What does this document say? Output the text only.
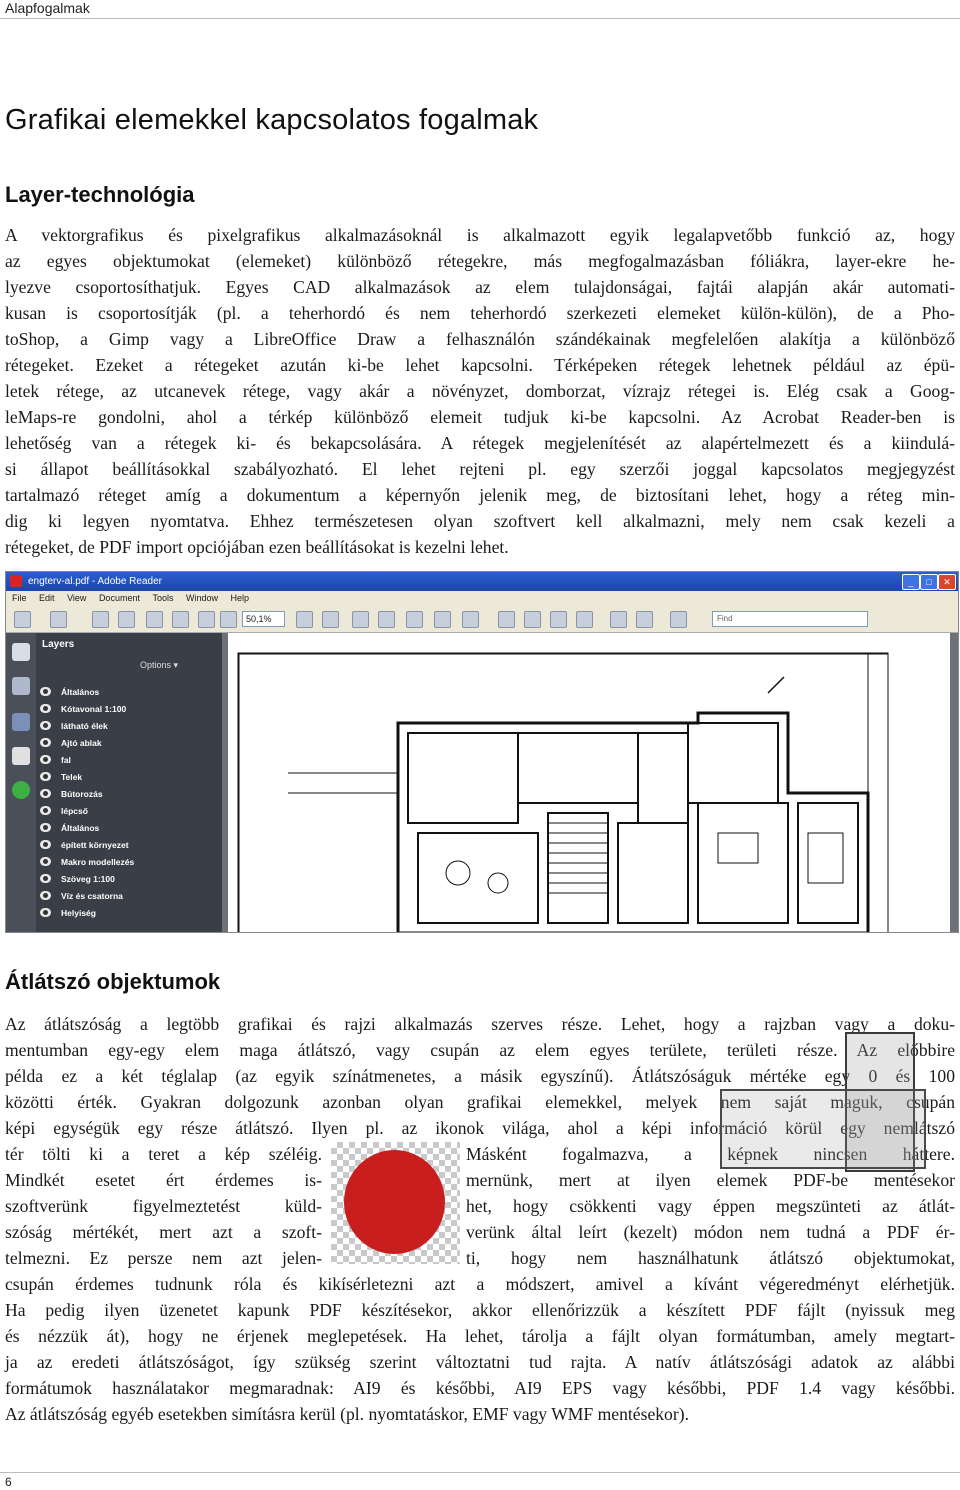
Alapfogalmak
Grafikai elemekkel kapcsolatos fogalmak
Layer-technológia
A vektorgrafikus és pixelgrafikus alkalmazásoknál is alkalmazott egyik legalapvetőbb funkció az, hogy
az egyes objektumokat (elemeket) különböző rétegekre, más megfogalmazásban fóliákra, layer-ekre he-
lyezve csoportosíthatjuk. Egyes CAD alkalmazások az elem tulajdonságai, fajtái alapján akár automati-
kusan is csoportosítják (pl. a teherhordó és nem teherhordó szerkezeti elemeket külön-külön), de a Pho-
toShop, a Gimp vagy a LibreOffice Draw a felhasználón szándékainak megfelelően alakítja a különböző
rétegeket. Ezeket a rétegeket azután ki-be lehet kapcsolni. Térképeken rétegek lehetnek például az épü-
letek rétege, az utcanevek rétege, vagy akár a növényzet, domborzat, vízrajz rétegei is. Elég csak a Goog-
leMaps-re gondolni, ahol a térkép különböző elemeit tudjuk ki-be kapcsolni. Az Acrobat Reader-ben is
lehetőség van a rétegek ki- és bekapcsolására. A rétegek megjelenítését az alapértelmezett és a kiindulá-
si állapot beállításokkal szabályozható. El lehet rejteni pl. egy szerzői joggal kapcsolatos megjegyzést
tartalmazó réteget amíg a dokumentum a képernyőn jelenik meg, de biztosítani lehet, hogy a réteg min-
dig ki legyen nyomtatva. Ehhez természetesen olyan szoftvert kell alkalmazni, mely nem csak kezeli a
rétegeket, de PDF import opciójában ezen beállításokat is kezelni lehet.
engterv-al.pdf - Adobe Reader	_	□	✕
File Edit View Document Tools Window Help
50,1%	Find
Layers
Options ▾
Általános
Kótavonal 1:100
látható élek
Ajtó ablak
fal
Telek
Bútorozás
lépcső
Általános
épített környezet
Makro modellezés
Szöveg 1:100
Víz és csatorna
Helyiség
Átlátszó objektumok
Az átlátszóság a legtöbb grafikai és rajzi alkalmazás szerves része. Lehet, hogy a rajzban vagy a doku-
mentumban egy-egy elem maga átlátszó, vagy csupán az elem egyes területe, területi része. Az előbbire
példa ez a két téglalap (az egyik színátmenetes, a másik egyszínű). Átlátszóságuk mértéke egy 0 és 100
közötti érték. Gyakran dolgozunk azonban olyan grafikai elemekkel, melyek nem saját maguk, csupán
képi egységük egy része átlátszó. Ilyen pl. az ikonok világa, ahol a képi információ körül egy nemlátszó
tér tölti ki a teret a kép széléig.
Mindkét esetet ért érdemes is-
szoftverünk figyelmeztetést küld-
szóság mértékét, mert azt a szoft-
telmezni. Ez persze nem azt jelen-
Másként fogalmazva, a képnek nincsen háttere.
mernünk, mert at ilyen elemek PDF-be mentésekor
het, hogy csökkenti vagy éppen megszünteti az átlát-
verünk által leírt (kezelt) módon nem tudná a PDF ér-
ti, hogy nem használhatunk átlátszó objektumokat,
csupán érdemes tudnunk róla és kikísérletezni azt a módszert, amivel a kívánt végeredményt elérhetjük.
Ha pedig ilyen üzenetet kapunk PDF készítésekor, akkor ellenőrizzük a készített PDF fájlt (nyissuk meg
és nézzük át), hogy ne érjenek meglepetések. Ha lehet, tárolja a fájlt olyan formátumban, amely megtart-
ja az eredeti átlátszóságot, így szükség szerint változtatni tud rajta. A natív átlátszósági adatok az alábbi
formátumok használatakor megmaradnak: AI9 és későbbi, AI9 EPS vagy későbbi, PDF 1.4 vagy későbbi.
Az átlátszóság egyéb esetekben simításra kerül (pl. nyomtatáskor, EMF vagy WMF mentésekor).
6
